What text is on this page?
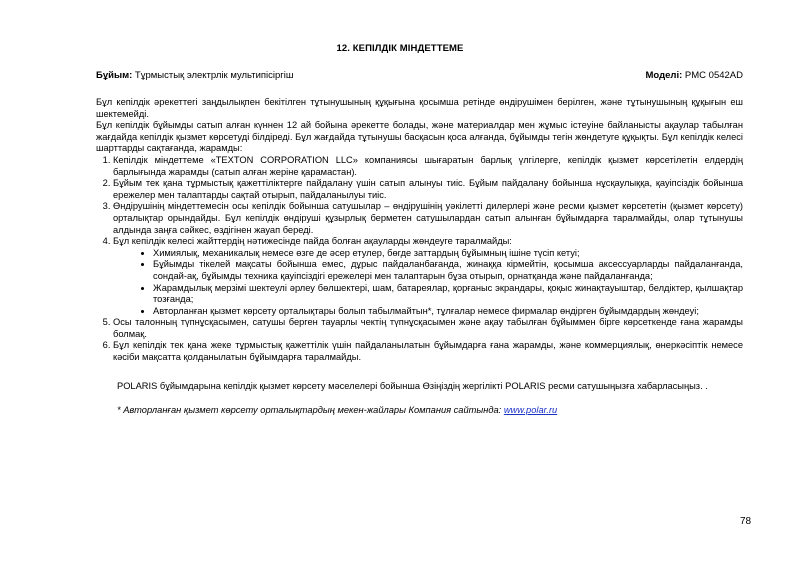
12. КЕПІЛДІК МІНДЕТТЕМЕ
Бұйым: Тұрмыстық электрлік мультипісіргіш	Моделі: PMC 0542AD

Бұл кепілдік әрекеттегі заңдылықпен бекітілген тұтынушының құқығына қосымша ретінде өндірушімен берілген, және тұтынушының құқығын еш шектемейді.

Бұл кепілдік бұйымды сатып алған күннен 12 ай бойына әрекетте болады, және материалдар мен жұмыс істеуіне байланысты ақаулар табылған жағдайда кепілдік қызмет көрсетуді білдіреді. Бұл жағдайда тұтынушы басқасын қоса алғанда, бұйымды тегін жөндетуге құқықты. Бұл кепілдік келесі шарттарды сақтағанда, жарамды:

1. Кепілдік міндеттеме «TEXTON CORPORATION LLC» компаниясы шығаратын барлық үлгілерге, кепілдік қызмет көрсетілетін елдердің барлығында жарамды (сатып алған жеріне қарамастан).
2. Бұйым тек қана тұрмыстық қажеттіліктерге пайдалану үшін сатып алынуы тиіс. Бұйым пайдалану бойынша нұсқаулыққа, қауіпсіздік бойынша ережелер мен талаптарды сақтай отырып, пайдаланылуы тиіс.
3. Өндірушінің міндеттемесін осы кепілдік бойынша сатушылар – өндірушінің уәкілетті дилерлері және ресми қызмет көрсететін (қызмет көрсету) орталықтар орындайды. Бұл кепілдік өндіруші құзырлық берметен сатушылардан сатып алынған бұйымдарға таралмайды, олар тұтынушы алдында заңға сәйкес, өздігінен жауап береді.
4. Бұл кепілдік келесі жайттердің нәтижесінде пайда болған ақауларды жөндеуге таралмайды:
• Химиялық, механикалық немесе өзге де әсер етулер, бөгде заттардың бұйымның ішіне түсіп кетуі;
• Бұйымды тікелей мақсаты бойынша емес, дұрыс пайдаланбағанда, жинаққа кірмейтін, қосымша аксессуарларды пайдаланғанда, сондай-ақ, бұйымды техника қауіпсіздігі ережелері мен талаптарын бұза отырып, орнатқанда және пайдаланғанда;
• Жарамдылық мерзімі шектеулі әрлеу бөлшектері, шам, батареялар, қорғаныс экрандары, қоқыс жинақтауыштар, белдіктер, қылшақтар тозғанда;
• Авторланған қызмет көрсету орталықтары болып табылмайтын*, тұлғалар немесе фирмалар өндірген бұйымдардың жөндеуі;
5. Осы талонның түпнұсқасымен, сатушы берген тауарлы чектің түпнұсқасымен және ақау табылған бұйыммен бірге көрсеткенде ғана жарамды болмақ.
6. Бұл кепілдік тек қана жеке тұрмыстық қажеттілік үшін пайдаланылатын бұйымдарға ғана жарамды, және коммерциялық, өнеркәсіптік немесе кәсіби мақсатта қолданылатын бұйымдарға таралмайды.

POLARIS бұйымдарына кепілдік қызмет көрсету мәселелері бойынша Өзіңіздің жергілікті POLARIS ресми сатушыңызға хабарласыңыз. .

* Авторланған қызмет көрсету орталықтардың мекен-жайлары Компания сайтында: www.polar.ru

78
